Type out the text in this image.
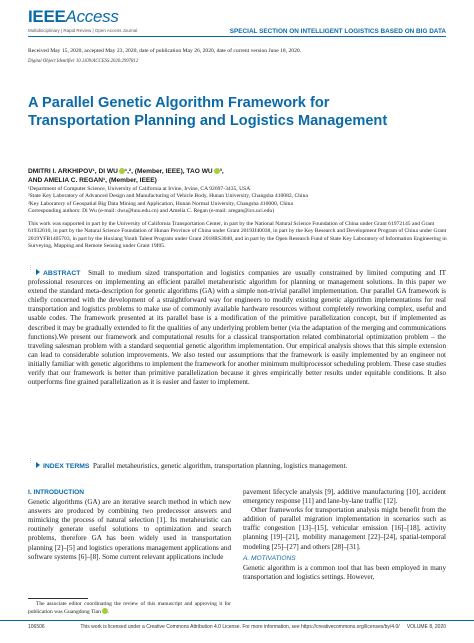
IEEEAccess
Multidisciplinary | Rapid Review | Open Access Journal	SPECIAL SECTION ON INTELLIGENT LOGISTICS BASED ON BIG DATA
Received May 15, 2020, accepted May 23, 2020, date of publication May 26, 2020, date of current version June 18, 2020.
Digital Object Identifier 10.1109/ACCESS.2020.2997812
A Parallel Genetic Algorithm Framework for Transportation Planning and Logistics Management
DMITRI I. ARKHIPOV¹, DI WU ¹,², (Member, IEEE), TAO WU ³,
AND AMELIA C. REGAN¹, (Member, IEEE)
¹Department of Computer Science, University of California at Irvine, Irvine, CA 92697-3435, USA
²State Key Laboratory of Advanced Design and Manufacturing of Vehicle Body, Hunan University, Changsha 410082, China
³Key Laboratory of Geospatial Big Data Mining and Application, Hunan Normal University, Changsha 410000, China
Corresponding authors: Di Wu (e-mail: dwu@hnu.edu.cn) and Amelia C. Regan (e-mail: aregan@ics.uci.edu)
This work was supported in part by the University of California Transportation Center, in part by the National Natural Science Foundation of China under Grant 61972145 and Grant 61932010, in part by the Natural Science Foundation of Hunan Province of China under Grant 2019JJ40038, in part by the Key Research and Development Program of China under Grant 2019YFB1405703, in part by the Huxiang Youth Talent Program under Grant 2018RS3040, and in part by the Open Research Fund of State Key Laboratory of Information Engineering in Surveying, Mapping and Remote Sensing under Grant 19I05.
⋮
ABSTRACT Small to medium sized transportation and logistics companies are usually constrained by limited computing and IT professional resources on implementing an efficient parallel metaheuristic algorithm for planning or management solutions. In this paper we extend the standard meta-description for genetic algorithms (GA) with a simple non-trivial parallel implementation. Our parallel GA framework is chiefly concerned with the development of a straightforward way for engineers to modify existing genetic algorithm implementations for real transportation and logistics problems to make use of commonly available hardware resources without completely reworking complex, useful and usable codes. The framework presented at its parallel base is a modification of the primitive parallelization concept, but if implemented as described it may be gradually extended to fit the qualities of any underlying problem better (via the adaptation of the merging and communications functions).We present our framework and computational results for a classical transportation related combinatorial optimization problem – the traveling salesman problem with a standard sequential genetic algorithm implementation. Our empirical analysis shows that this simple extension can lead to considerable solution improvements. We also tested our assumptions that the framework is easily implemented by an engineer not initially familiar with genetic algorithms to implement the framework for another minimum multiprocessor scheduling problem. These case studies verify that our framework is better than primitive parallelization because it gives empirically better results under equitable conditions. It also outperforms fine grained parallelization as it is easier and faster to implement.
⋮
INDEX TERMS Parallel metaheuristics, genetic algorithm, transportation planning, logistics management.
I. INTRODUCTION
Genetic algorithms (GA) are an iterative search method in which new answers are produced by combining two predecessor answers and mimicking the process of natural selection [1]. Its metaheuristic can routinely generate useful solutions to optimization and search problems, therefore GA has been widely used in transportation planning [2]–[5] and logistics operations management applications and software systems [6]–[8]. Some current relevant applications include
The associate editor coordinating the review of this manuscript and approving it for publication was Guangdong Tian .
pavement lifecycle analysis [9], additive manufacturing [10], accident emergency response [11] and lane-by-lane traffic [12].
Other frameworks for transportation analysis might benefit from the addition of parallel migration implementation in scenarios such as traffic congestion [13]–[15], vehicular emission [16]–[18], activity planning [19]–[21], mobility management [22]–[24], spatial-temporal modeling [25]–[27] and others [28]–[31].
A. MOTIVATIONS
Genetic algorithm is a common tool that has been employed in many transportation and logistics settings. However,
106506	This work is licensed under a Creative Commons Attribution 4.0 License. For more information, see https://creativecommons.org/licenses/by/4.0/ VOLUME 8, 2020
